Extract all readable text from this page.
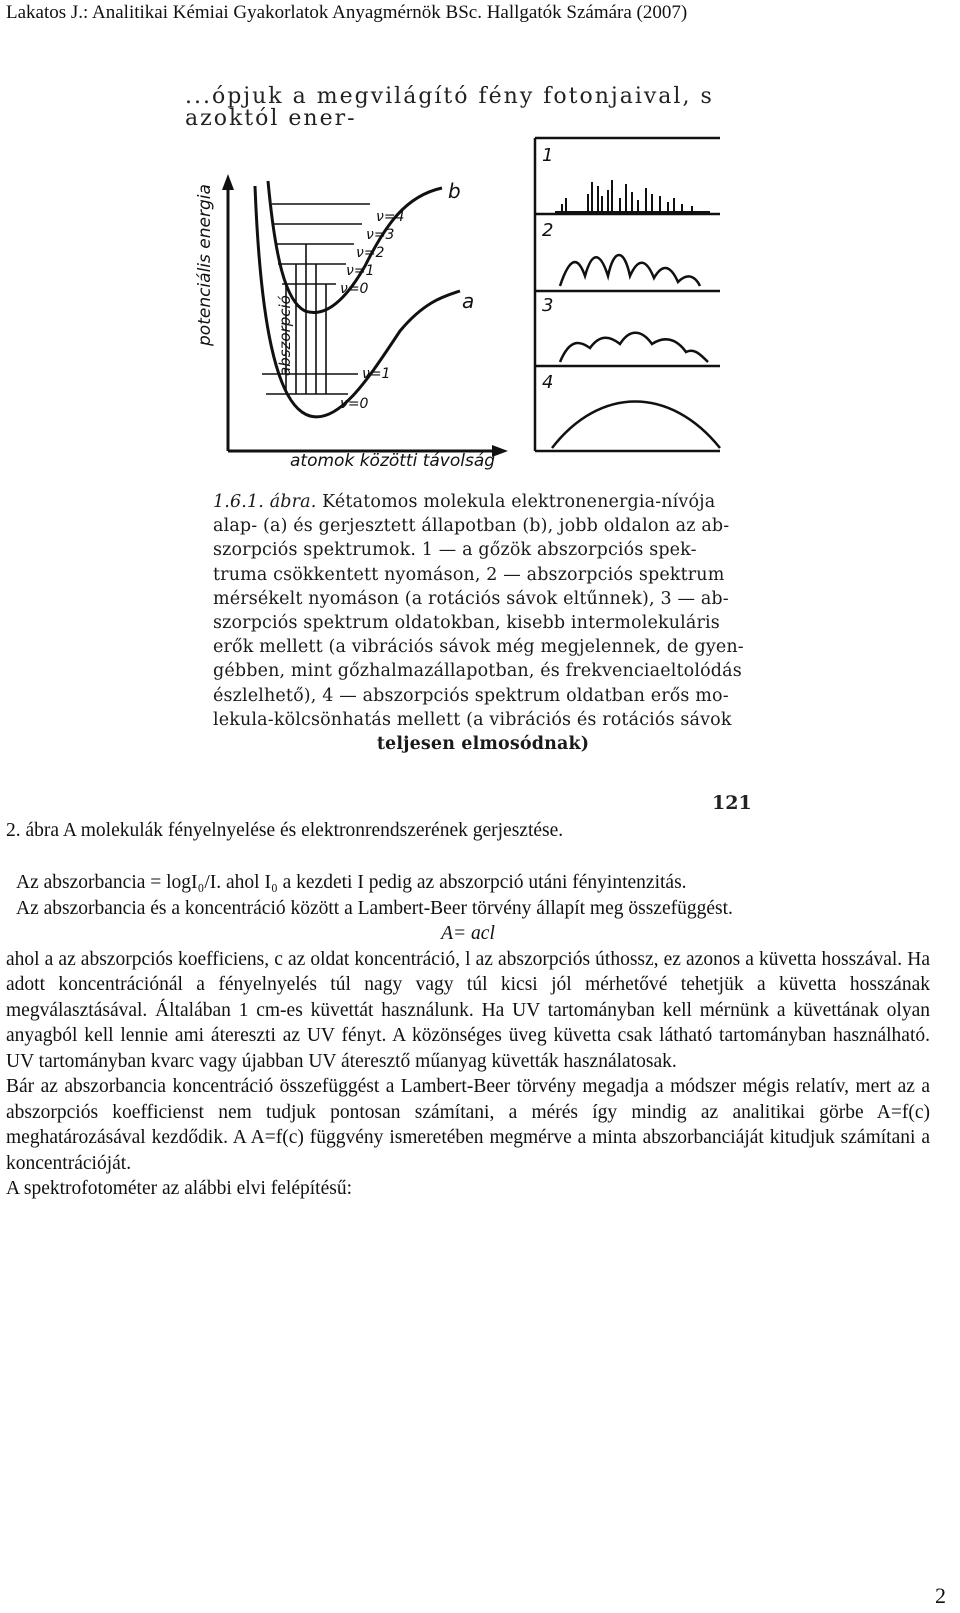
Lakatos J.: Analitikai Kémiai Gyakorlatok Anyagmérnök BSc. Hallgatók Számára (2007)
...ópjuk a megvilágító fény fotonjaival, s azoktól ener-
potenciális energia	abszorpció
atomok közötti távolság
b
a
ν=4
ν=3
ν=2
ν=1
ν=0
ν=1
ν=0
1
2
3
4
1.6.1. ábra. Kétatomos molekula elektronenergia-nívója
alap- (a) és gerjesztett állapotban (b), jobb oldalon az ab-
szorpciós spektrumok. 1 — a gőzök abszorpciós spek-
truma csökkentett nyomáson, 2 — abszorpciós spektrum
mérsékelt nyomáson (a rotációs sávok eltűnnek), 3 — ab-
szorpciós spektrum oldatokban, kisebb intermolekuláris
erők mellett (a vibrációs sávok még megjelennek, de gyen-
gébben, mint gőzhalmazállapotban, és frekvenciaeltolódás
észlelhető), 4 — abszorpciós spektrum oldatban erős mo-
lekula-kölcsönhatás mellett (a vibrációs és rotációs sávok
teljesen elmosódnak)
121
2. ábra A molekulák fényelnyelése és elektronrendszerének gerjesztése.

Az abszorbancia = logI₀/I. ahol I₀ a kezdeti I pedig az abszorpció utáni fényintenzitás.

Az abszorbancia és a koncentráció között a Lambert-Beer törvény állapít meg összefüggést.

A= acl

ahol a az abszorpciós koefficiens, c az oldat koncentráció, l az abszorpciós úthossz, ez azonos a küvetta hosszával. Ha adott koncentrációnál a fényelnyelés túl nagy vagy túl kicsi jól mérhetővé tehetjük a küvetta hosszának megválasztásával. Általában 1 cm-es küvettát használunk. Ha UV tartományban kell mérnünk a küvettának olyan anyagból kell lennie ami átereszti az UV fényt. A közönséges üveg küvetta csak látható tartományban használható. UV tartományban kvarc vagy újabban UV áteresztő műanyag küvetták használatosak.

Bár az abszorbancia koncentráció összefüggést a Lambert-Beer törvény megadja a módszer mégis relatív, mert az a abszorpciós koefficienst nem tudjuk pontosan számítani, a mérés így mindig az analitikai görbe A=f(c) meghatározásával kezdődik. A A=f(c) függvény ismeretében megmérve a minta abszorbanciáját kitudjuk számítani a koncentrációját.

A spektrofotométer az alábbi elvi felépítésű:

2
